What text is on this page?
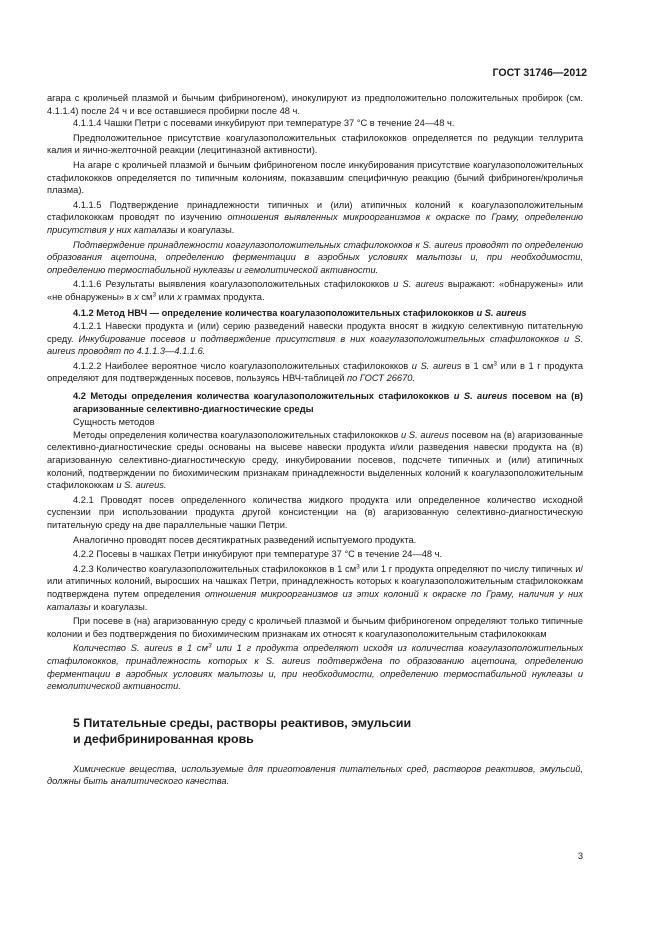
ГОСТ 31746—2012

агара с кроличьей плазмой и бычьим фибриногеном), инокулируют из предположительно положительных пробирок (см. 4.1.1.4) после 24 ч и все оставшиеся пробирки после 48 ч.

4.1.1.4 Чашки Петри с посевами инкубируют при температуре 37 °С в течение 24—48 ч.

Предположительное присутствие коагулазоположительных стафилококков определяется по редукции теллурита калия и яично-желточной реакции (лецитиназной активности).

На агаре с кроличьей плазмой и бычьим фибриногеном после инкубирования присутствие коагулазоположительных стафилококков определяется по типичным колониям, показавшим специфичную реакцию (бычий фибриноген/кроличья плазма).

4.1.1.5 Подтверждение принадлежности типичных и (или) атипичных колоний к коагулазоположительным стафилококкам проводят по изучению отношения выявленных микроорганизмов к окраске по Граму, определению присутствия у них каталазы и коагулазы.

Подтверждение принадлежности коагулазоположительных стафилококков к S. aureus проводят по определению образования ацетоина, определению ферментации в аэробных условиях мальтозы и, при необходимости, определению термостабильной нуклеазы и гемолитической активности.

4.1.1.6 Результаты выявления коагулазоположительных стафилококков и S. aureus выражают: «обнаружены» или «не обнаружены» в х $см^3$ или х граммах продукта.

4.1.2 Метод НВЧ — определение количества коагулазоположительных стафилококков и S. aureus

4.1.2.1 Навески продукта и (или) серию разведений навески продукта вносят в жидкую селективную питательную среду. Инкубирование посевов и подтверждение присутствия в них коагулазоположительных стафилококков и S. aureus проводят по 4.1.1.3—4.1.1.6.

4.1.2.2 Наиболее вероятное число коагулазоположительных стафилококков и S. aureus в 1 $см^3$ или в 1 г продукта определяют для подтвержденных посевов, пользуясь НВЧ-таблицей по ГОСТ 26670.

4.2 Методы определения количества коагулазоположительных стафилококков и S. aureus посевом на (в) агаризованные селективно-диагностические среды

Сущность методов

Методы определения количества коагулазоположительных стафилококков и S. aureus посевом на (в) агаризованные селективно-диагностические среды основаны на высеве навески продукта и/или разведения навески продукта на (в) агаризованную селективно-диагностическую среду, инкубировании посевов, подсчете типичных и (или) атипичных колоний, подтверждении по биохимическим признакам принадлежности выделенных колоний к коагулазоположительным стафилококкам и S. aureus.

4.2.1 Проводят посев определенного количества жидкого продукта или определенное количество исходной суспензии при использовании продукта другой консистенции на (в) агаризованную селективно-диагностическую питательную среду на две параллельные чашки Петри.

Аналогично проводят посев десятикратных разведений испытуемого продукта.

4.2.2 Посевы в чашках Петри инкубируют при температуре 37 °С в течение 24—48 ч.

4.2.3 Количество коагулазоположительных стафилококков в 1 $см^3$ или 1 г продукта определяют по числу типичных и/или атипичных колоний, выросших на чашках Петри, принадлежность которых к коагулазоположительным стафилококкам подтверждена путем определения отношения микроорганизмов из этих колоний к окраске по Граму, наличия у них каталазы и коагулазы.

При посеве в (на) агаризованную среду с кроличьей плазмой и бычьим фибриногеном определяют только типичные колонии и без подтверждения по биохимическим признакам их относят к коагулазоположительным стафилококкам

Количество S. aureus в 1 $см^3$ или 1 г продукта определяют исходя из количества коагулазоположительных стафилококков, принадлежность которых к S. aureus подтверждена по образованию ацетоина, определению ферментации в аэробных условиях мальтозы и, при необходимости, определению термостабильной нуклеазы и гемолитической активности.

5 Питательные среды, растворы реактивов, эмульсии
и дефибринированная кровь

Химические вещества, используемые для приготовления питательных сред, растворов реактивов, эмульсий, должны быть аналитического качества.

3
